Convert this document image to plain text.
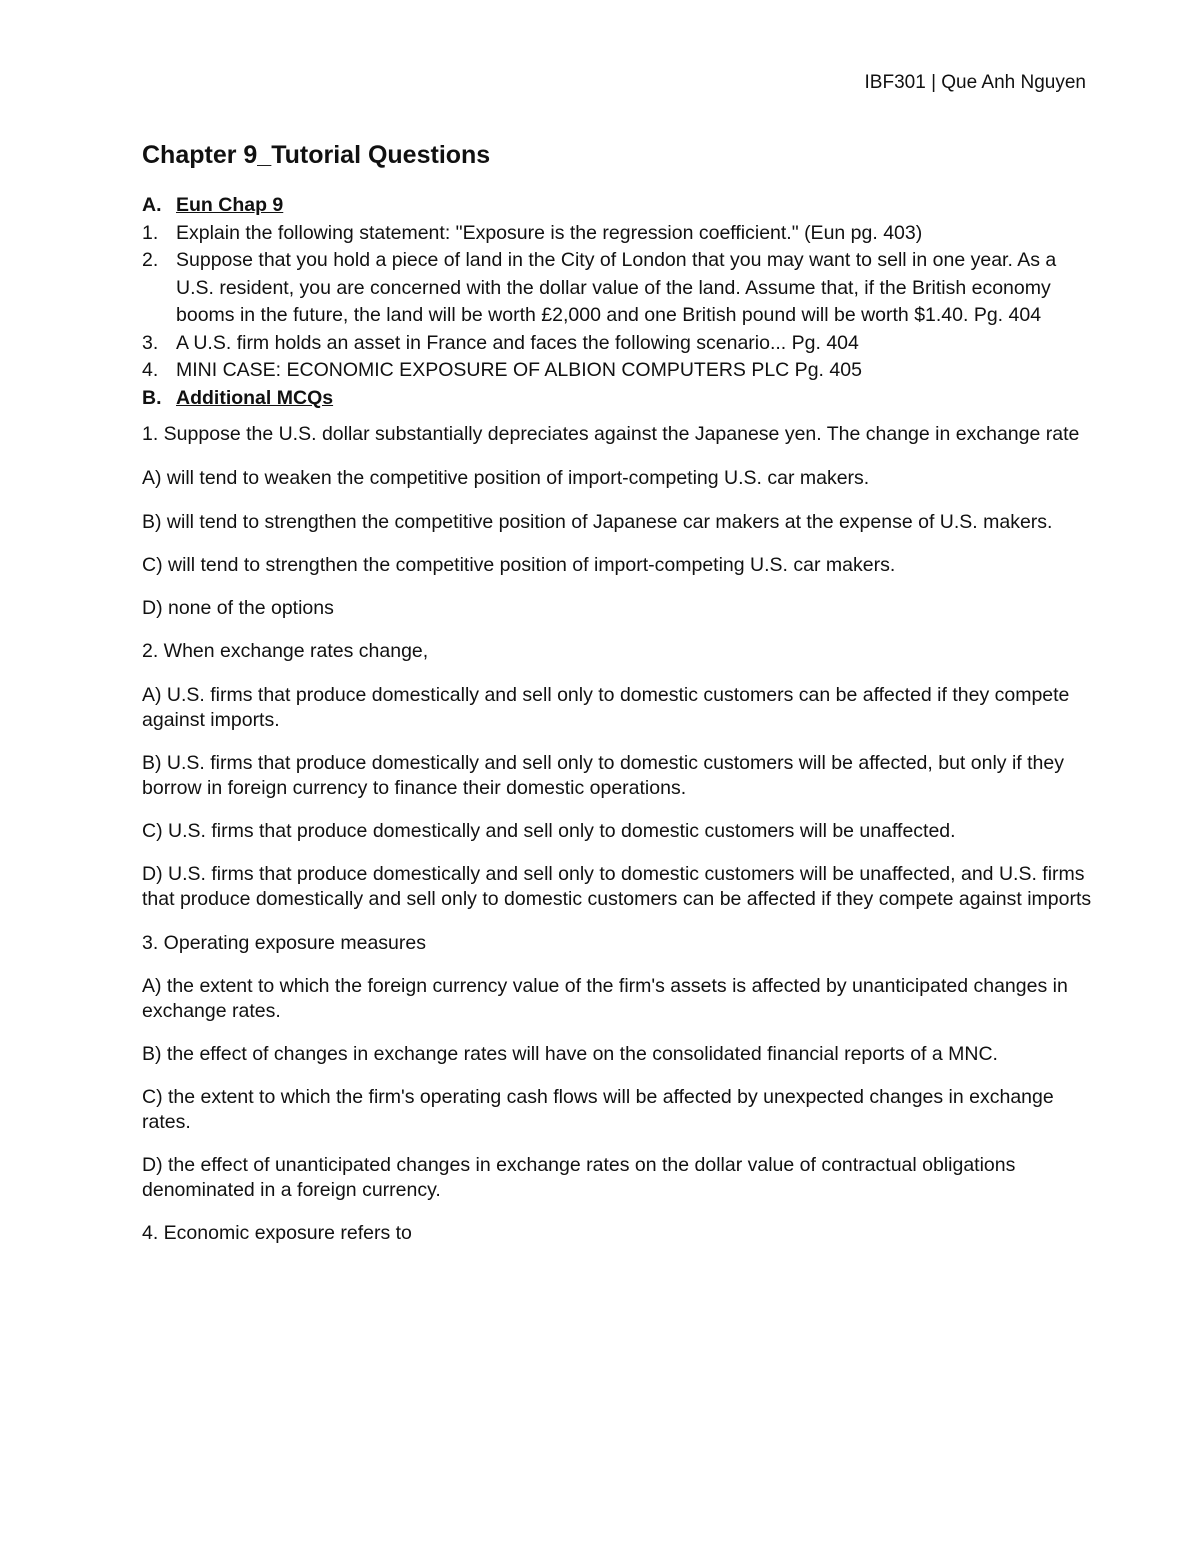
IBF301 | Que Anh Nguyen
Chapter 9_Tutorial Questions
A. Eun Chap 9
1. Explain the following statement: "Exposure is the regression coefficient." (Eun pg. 403)
2. Suppose that you hold a piece of land in the City of London that you may want to sell in one year. As a U.S. resident, you are concerned with the dollar value of the land. Assume that, if the British economy booms in the future, the land will be worth £2,000 and one British pound will be worth $1.40. Pg. 404
3. A U.S. firm holds an asset in France and faces the following scenario... Pg. 404
4. MINI CASE: ECONOMIC EXPOSURE OF ALBION COMPUTERS PLC Pg. 405
B. Additional MCQs

1. Suppose the U.S. dollar substantially depreciates against the Japanese yen. The change in exchange rate

A) will tend to weaken the competitive position of import-competing U.S. car makers.

B) will tend to strengthen the competitive position of Japanese car makers at the expense of U.S. makers.

C) will tend to strengthen the competitive position of import-competing U.S. car makers.

D) none of the options

2. When exchange rates change,

A) U.S. firms that produce domestically and sell only to domestic customers can be affected if they compete against imports.

B) U.S. firms that produce domestically and sell only to domestic customers will be affected, but only if they borrow in foreign currency to finance their domestic operations.

C) U.S. firms that produce domestically and sell only to domestic customers will be unaffected.

D) U.S. firms that produce domestically and sell only to domestic customers will be unaffected, and U.S. firms that produce domestically and sell only to domestic customers can be affected if they compete against imports

3. Operating exposure measures

A) the extent to which the foreign currency value of the firm's assets is affected by unanticipated changes in exchange rates.

B) the effect of changes in exchange rates will have on the consolidated financial reports of a MNC.

C) the extent to which the firm's operating cash flows will be affected by unexpected changes in exchange rates.

D) the effect of unanticipated changes in exchange rates on the dollar value of contractual obligations denominated in a foreign currency.

4. Economic exposure refers to
